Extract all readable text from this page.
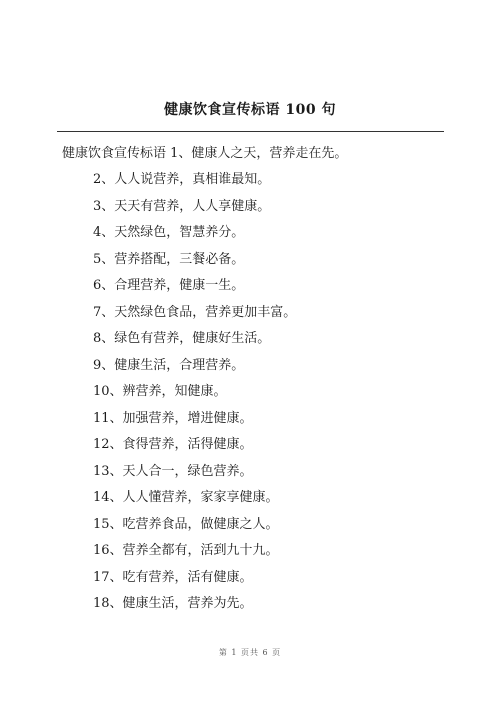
健康饮食宣传标语 100 句
健康饮食宣传标语 1、健康人之天，营养走在先。
2、人人说营养，真相谁最知。
3、天天有营养，人人享健康。
4、天然绿色，智慧养分。
5、营养搭配，三餐必备。
6、合理营养，健康一生。
7、天然绿色食品，营养更加丰富。
8、绿色有营养，健康好生活。
9、健康生活，合理营养。
10、辨营养，知健康。
11、加强营养，增进健康。
12、食得营养，活得健康。
13、天人合一，绿色营养。
14、人人懂营养，家家享健康。
15、吃营养食品，做健康之人。
16、营养全都有，活到九十九。
17、吃有营养，活有健康。
18、健康生活，营养为先。
第 1 页共 6 页
